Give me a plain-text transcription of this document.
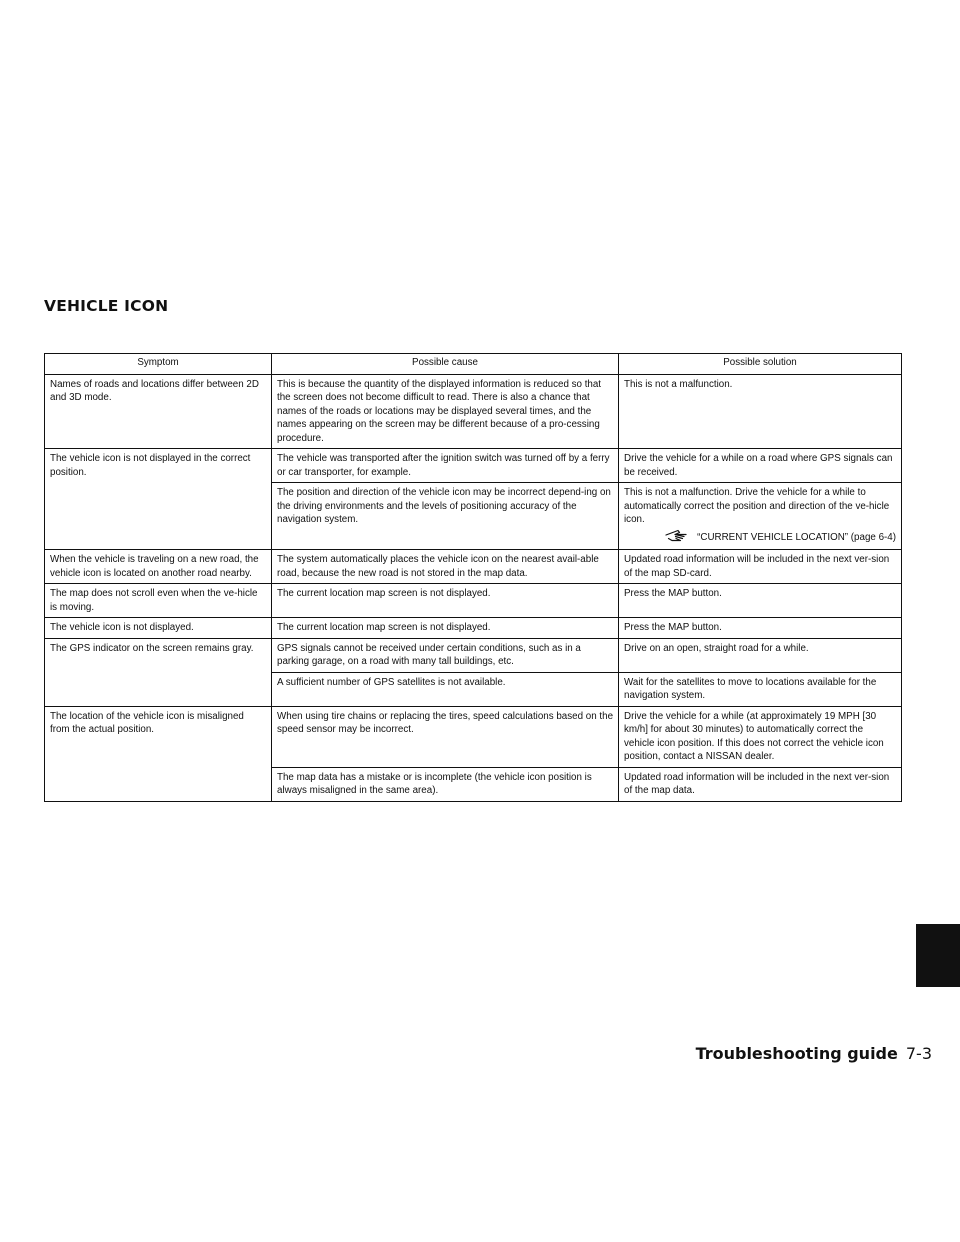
VEHICLE ICON
Symptom	Possible cause	Possible solution
Names of roads and locations differ between 2D and 3D mode.	This is because the quantity of the displayed information is reduced so that the screen does not become difficult to read. There is also a chance that names of the roads or locations may be displayed several times, and the names appearing on the screen may be different because of a pro-cessing procedure.	This is not a malfunction.
The vehicle icon is not displayed in the correct position.	The vehicle was transported after the ignition switch was turned off by a ferry or car transporter, for example.	Drive the vehicle for a while on a road where GPS signals can be received.
	The position and direction of the vehicle icon may be incorrect depend-ing on the driving environments and the levels of positioning accuracy of the navigation system.	This is not a malfunction. Drive the vehicle for a while to automatically correct the position and direction of the ve-hicle icon.
“CURRENT VEHICLE LOCATION” (page 6-4)

When the vehicle is traveling on a new road, the vehicle icon is located on another road nearby.	The system automatically places the vehicle icon on the nearest avail-able road, because the new road is not stored in the map data.	Updated road information will be included in the next ver-sion of the map SD-card.
The map does not scroll even when the ve-hicle is moving.	The current location map screen is not displayed.	Press the MAP button.
The vehicle icon is not displayed.	The current location map screen is not displayed.	Press the MAP button.
The GPS indicator on the screen remains gray.	GPS signals cannot be received under certain conditions, such as in a parking garage, on a road with many tall buildings, etc.	Drive on an open, straight road for a while.
	A sufficient number of GPS satellites is not available.	Wait for the satellites to move to locations available for the navigation system.
The location of the vehicle icon is misaligned from the actual position.	When using tire chains or replacing the tires, speed calculations based on the speed sensor may be incorrect.	Drive the vehicle for a while (at approximately 19 MPH [30 km/h] for about 30 minutes) to automatically correct the vehicle icon position. If this does not correct the vehicle icon position, contact a NISSAN dealer.
	The map data has a mistake or is incomplete (the vehicle icon position is always misaligned in the same area).	Updated road information will be included in the next ver-sion of the map data.
Troubleshooting guide 7-3
